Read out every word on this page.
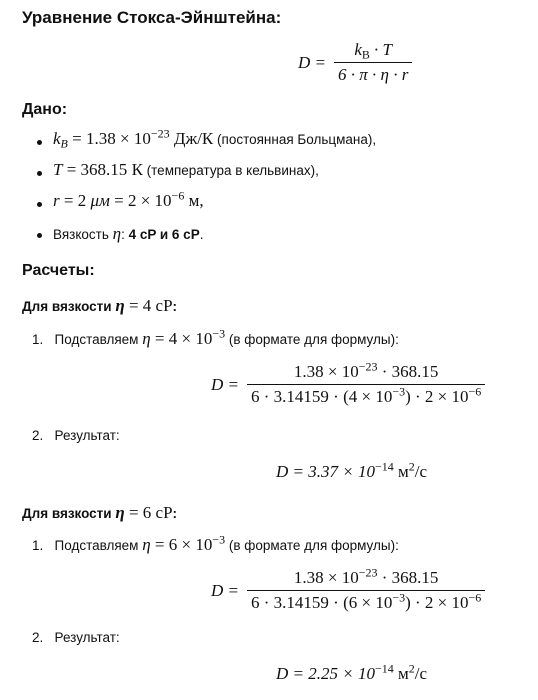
Уравнение Стокса-Эйнштейна:
$D = \frac{k_B \cdot T}{6 \cdot \pi \cdot \eta \cdot r}$
Дано:
$k_B = 1.38 \times 10^{-23}$ Дж/К (постоянная Больцмана),
T = 368.15 К (температура в кельвинах),
r = 2 $\mu м = 2 \times 10^{-6}$ м,
Вязкость η: 4 cP и 6 cP.
Расчеты:
Для вязкости η = 4 cP:
1. Подставляем $\eta = 4 \times 10^{-3}$ (в формате для формулы):
$D = \frac{1.38 \times 10^{-23} \cdot 368.15}{6 \cdot 3.14159 \cdot (4 \times 10^{-3}) \cdot 2 \times 10^{-6}}$
2. Результат:
$D = 3.37 \times 10^{-14}$ $м^2/с$
Для вязкости η = 6 cP:
1. Подставляем $\eta = 6 \times 10^{-3}$ (в формате для формулы):
$D = \frac{1.38 \times 10^{-23} \cdot 368.15}{6 \cdot 3.14159 \cdot (6 \times 10^{-3}) \cdot 2 \times 10^{-6}}$
2. Результат:
$D = 2.25 \times 10^{-14}$ $м^2/с$
